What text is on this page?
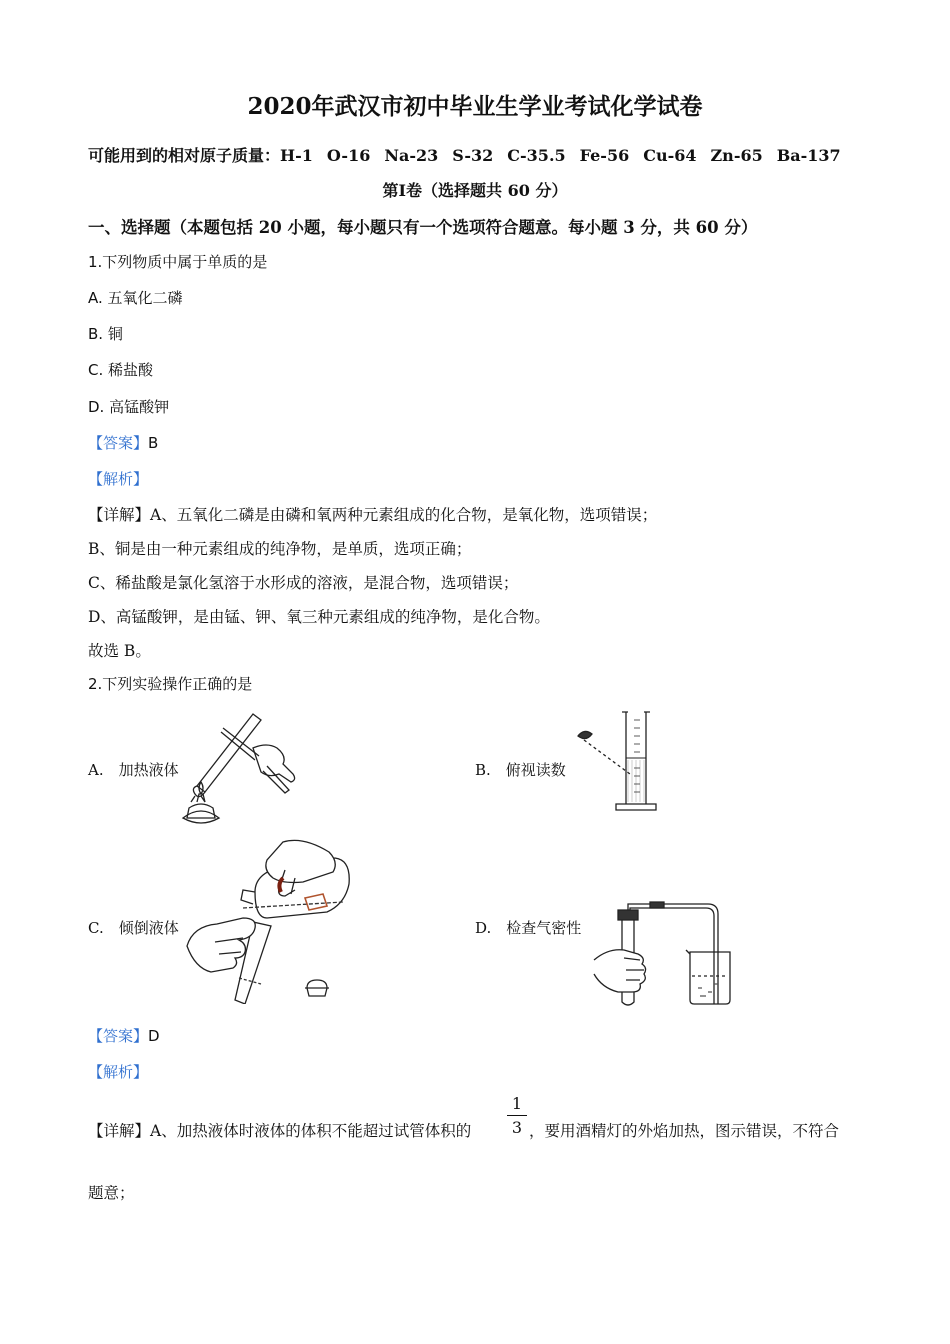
2020年武汉市初中毕业生学业考试化学试卷
可能用到的相对原子质量：H-1 O-16 Na-23 S-32 C-35.5 Fe-56 Cu-64 Zn-65 Ba-137
第Ⅰ卷（选择题共 60 分）
一、选择题（本题包括 20 小题，每小题只有一个选项符合题意。每小题 3 分，共 60 分）
1.下列物质中属于单质的是
A. 五氧化二磷
B. 铜
C. 稀盐酸
D. 高锰酸钾
【答案】B
【解析】
【详解】A、五氧化二磷是由磷和氧两种元素组成的化合物，是氧化物，选项错误；
B、铜是由一种元素组成的纯净物，是单质，选项正确；
C、稀盐酸是氯化氢溶于水形成的溶液，是混合物，选项错误；
D、高锰酸钾，是由锰、钾、氧三种元素组成的纯净物，是化合物。
故选 B。
2.下列实验操作正确的是
A.　加热液体	B.　俯视读数
C.　倾倒液体	D.　检查气密性
【答案】D
【解析】
【详解】A、加热液体时液体的体积不能超过试管体积的
1
3 ，要用酒精灯的外焰加热，图示错误，不符合
题意；
